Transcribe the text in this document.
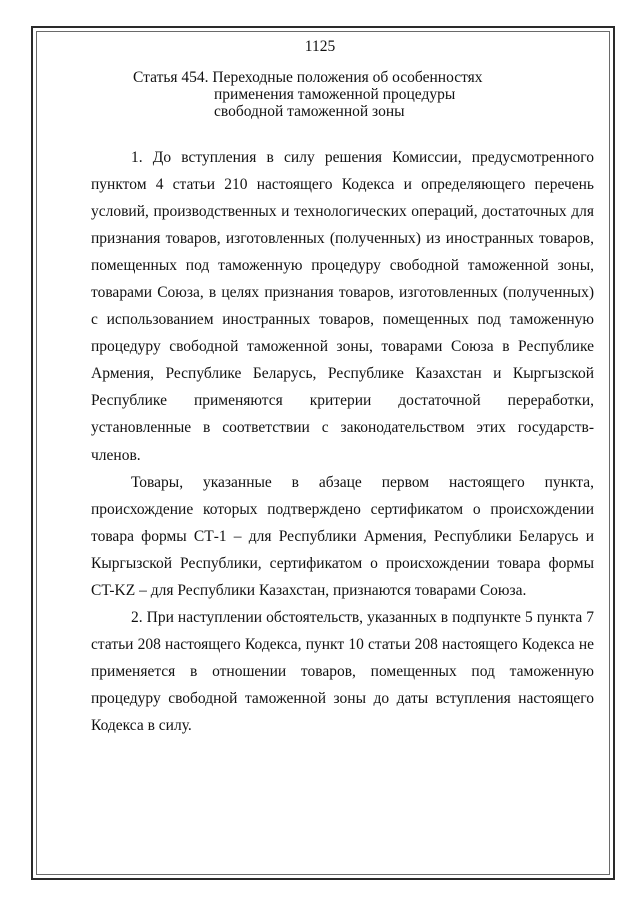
1125
Статья 454. Переходные положения об особенностях
применения таможенной процедуры
свободной таможенной зоны

1. До вступления в силу решения Комиссии, предусмотренного пунктом 4 статьи 210 настоящего Кодекса и определяющего перечень условий, производственных и технологических операций, достаточных для признания товаров, изготовленных (полученных) из иностранных товаров, помещенных под таможенную процедуру свободной таможенной зоны, товарами Союза, в целях признания товаров, изготовленных (полученных) с использованием иностранных товаров, помещенных под таможенную процедуру свободной таможенной зоны, товарами Союза в Республике Армения, Республике Беларусь, Республике Казахстан и Кыргызской Республике применяются критерии достаточной переработки, установленные в соответствии с законодательством этих государств-членов.

Товары, указанные в абзаце первом настоящего пункта, происхождение которых подтверждено сертификатом о происхождении товара формы СТ-1 – для Республики Армения, Республики Беларусь и Кыргызской Республики, сертификатом о происхождении товара формы CT-KZ – для Республики Казахстан, признаются товарами Союза.

2. При наступлении обстоятельств, указанных в подпункте 5 пункта 7 статьи 208 настоящего Кодекса, пункт 10 статьи 208 настоящего Кодекса не применяется в отношении товаров, помещенных под таможенную процедуру свободной таможенной зоны до даты вступления настоящего Кодекса в силу.
